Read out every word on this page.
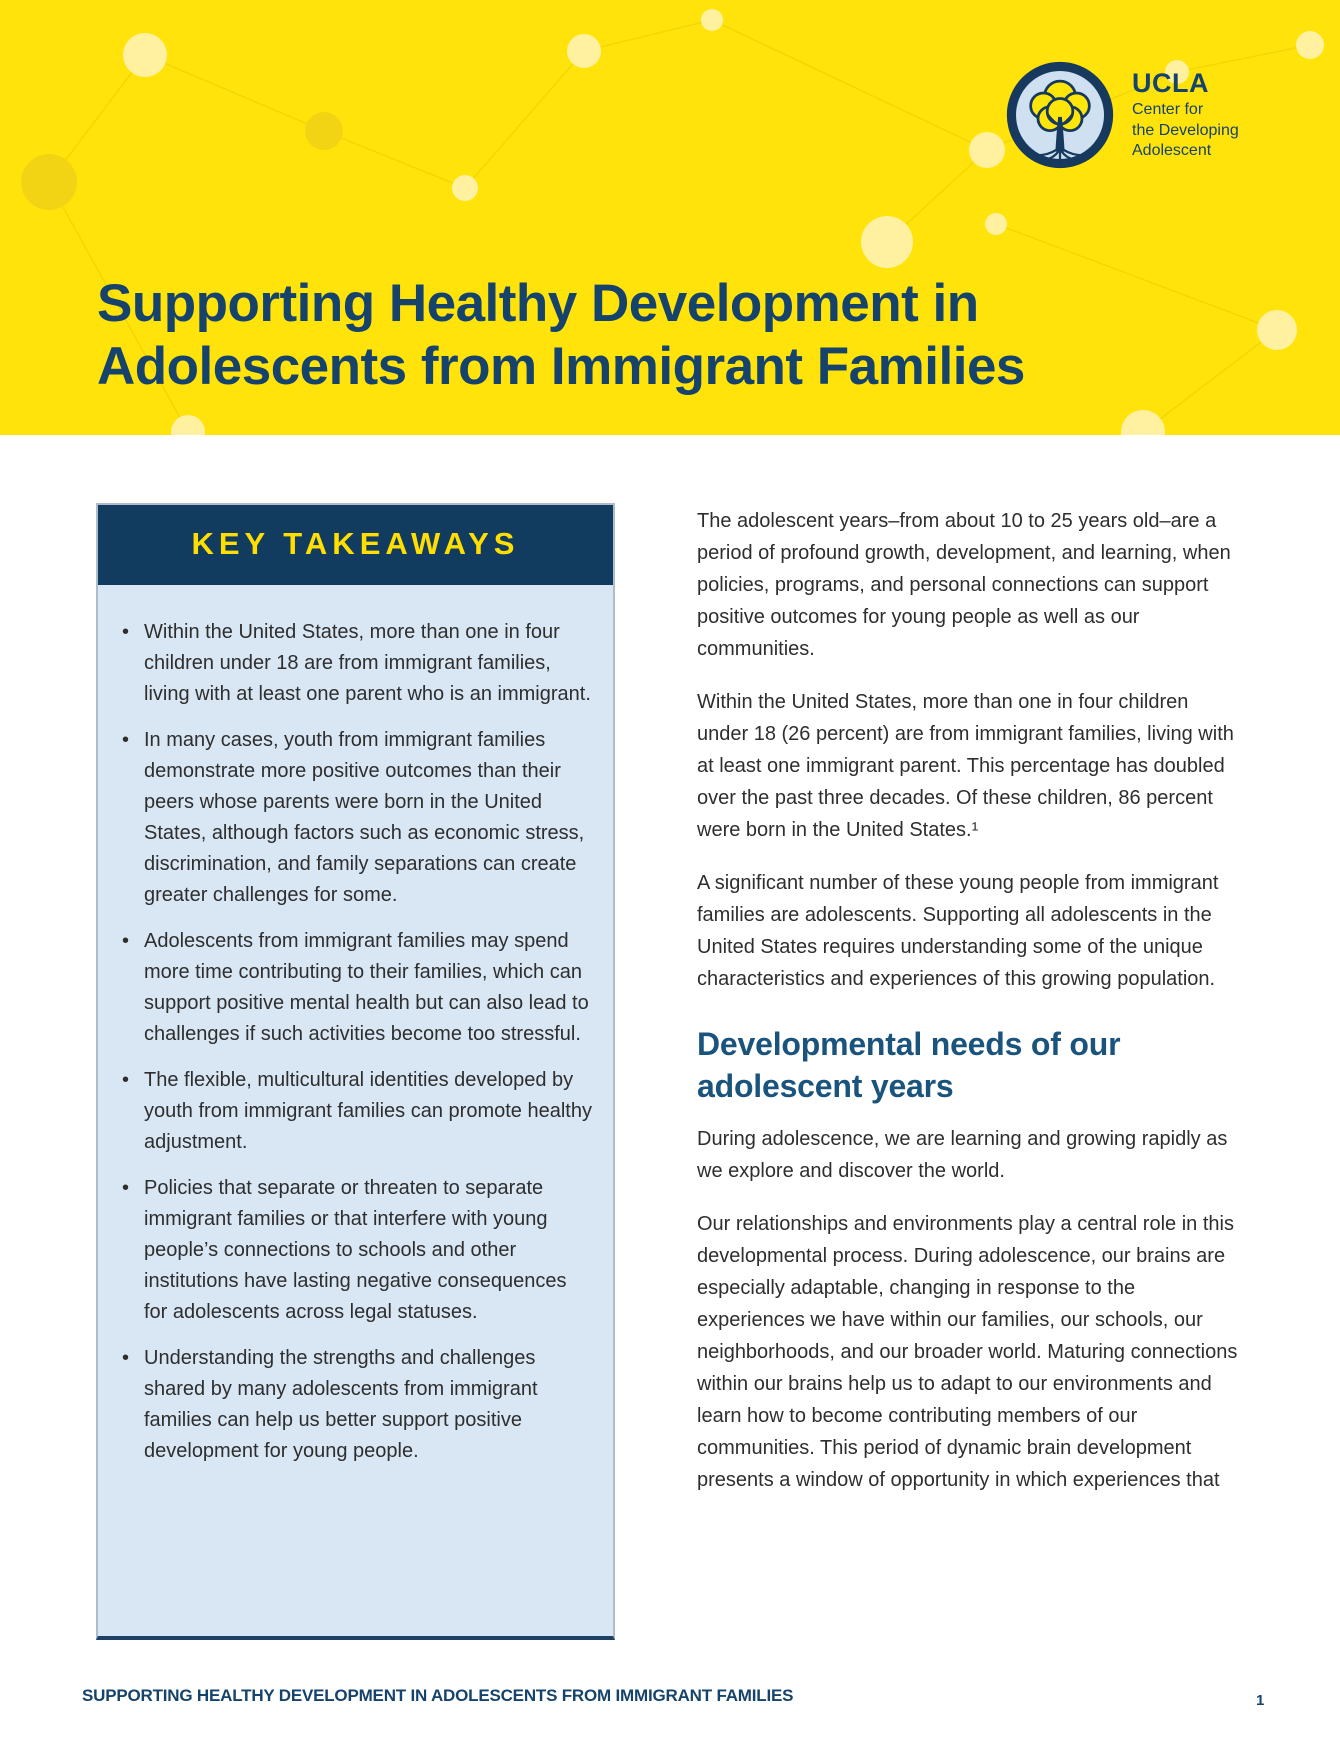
UCLA
Center for
the Developing
Adolescent
Supporting Healthy Development in
Adolescents from Immigrant Families
KEY TAKEAWAYS
• Within the United States, more than one in four children under 18 are from immigrant families, living with at least one parent who is an immigrant.
• In many cases, youth from immigrant families demonstrate more positive outcomes than their peers whose parents were born in the United States, although factors such as economic stress, discrimination, and family separations can create greater challenges for some.
• Adolescents from immigrant families may spend more time contributing to their families, which can support positive mental health but can also lead to challenges if such activities become too stressful.
• The flexible, multicultural identities developed by youth from immigrant families can promote healthy adjustment.
• Policies that separate or threaten to separate immigrant families or that interfere with young people’s connections to schools and other institutions have lasting negative consequences for adolescents across legal statuses.
• Understanding the strengths and challenges shared by many adolescents from immigrant families can help us better support positive development for young people.

The adolescent years–from about 10 to 25 years old–are a period of profound growth, development, and learning, when policies, programs, and personal connections can support positive outcomes for young people as well as our communities.

Within the United States, more than one in four children under 18 (26 percent) are from immigrant families, living with at least one immigrant parent. This percentage has doubled over the past three decades. Of these children, 86 percent were born in the United States.¹

A significant number of these young people from immigrant families are adolescents. Supporting all adolescents in the United States requires understanding some of the unique characteristics and experiences of this growing population.

Developmental needs of our adolescent years

During adolescence, we are learning and growing rapidly as we explore and discover the world.

Our relationships and environments play a central role in this developmental process. During adolescence, our brains are especially adaptable, changing in response to the experiences we have within our families, our schools, our neighborhoods, and our broader world. Maturing connections within our brains help us to adapt to our environments and learn how to become contributing members of our communities. This period of dynamic brain development presents a window of opportunity in which experiences that

SUPPORTING HEALTHY DEVELOPMENT IN ADOLESCENTS FROM IMMIGRANT FAMILIES	1
